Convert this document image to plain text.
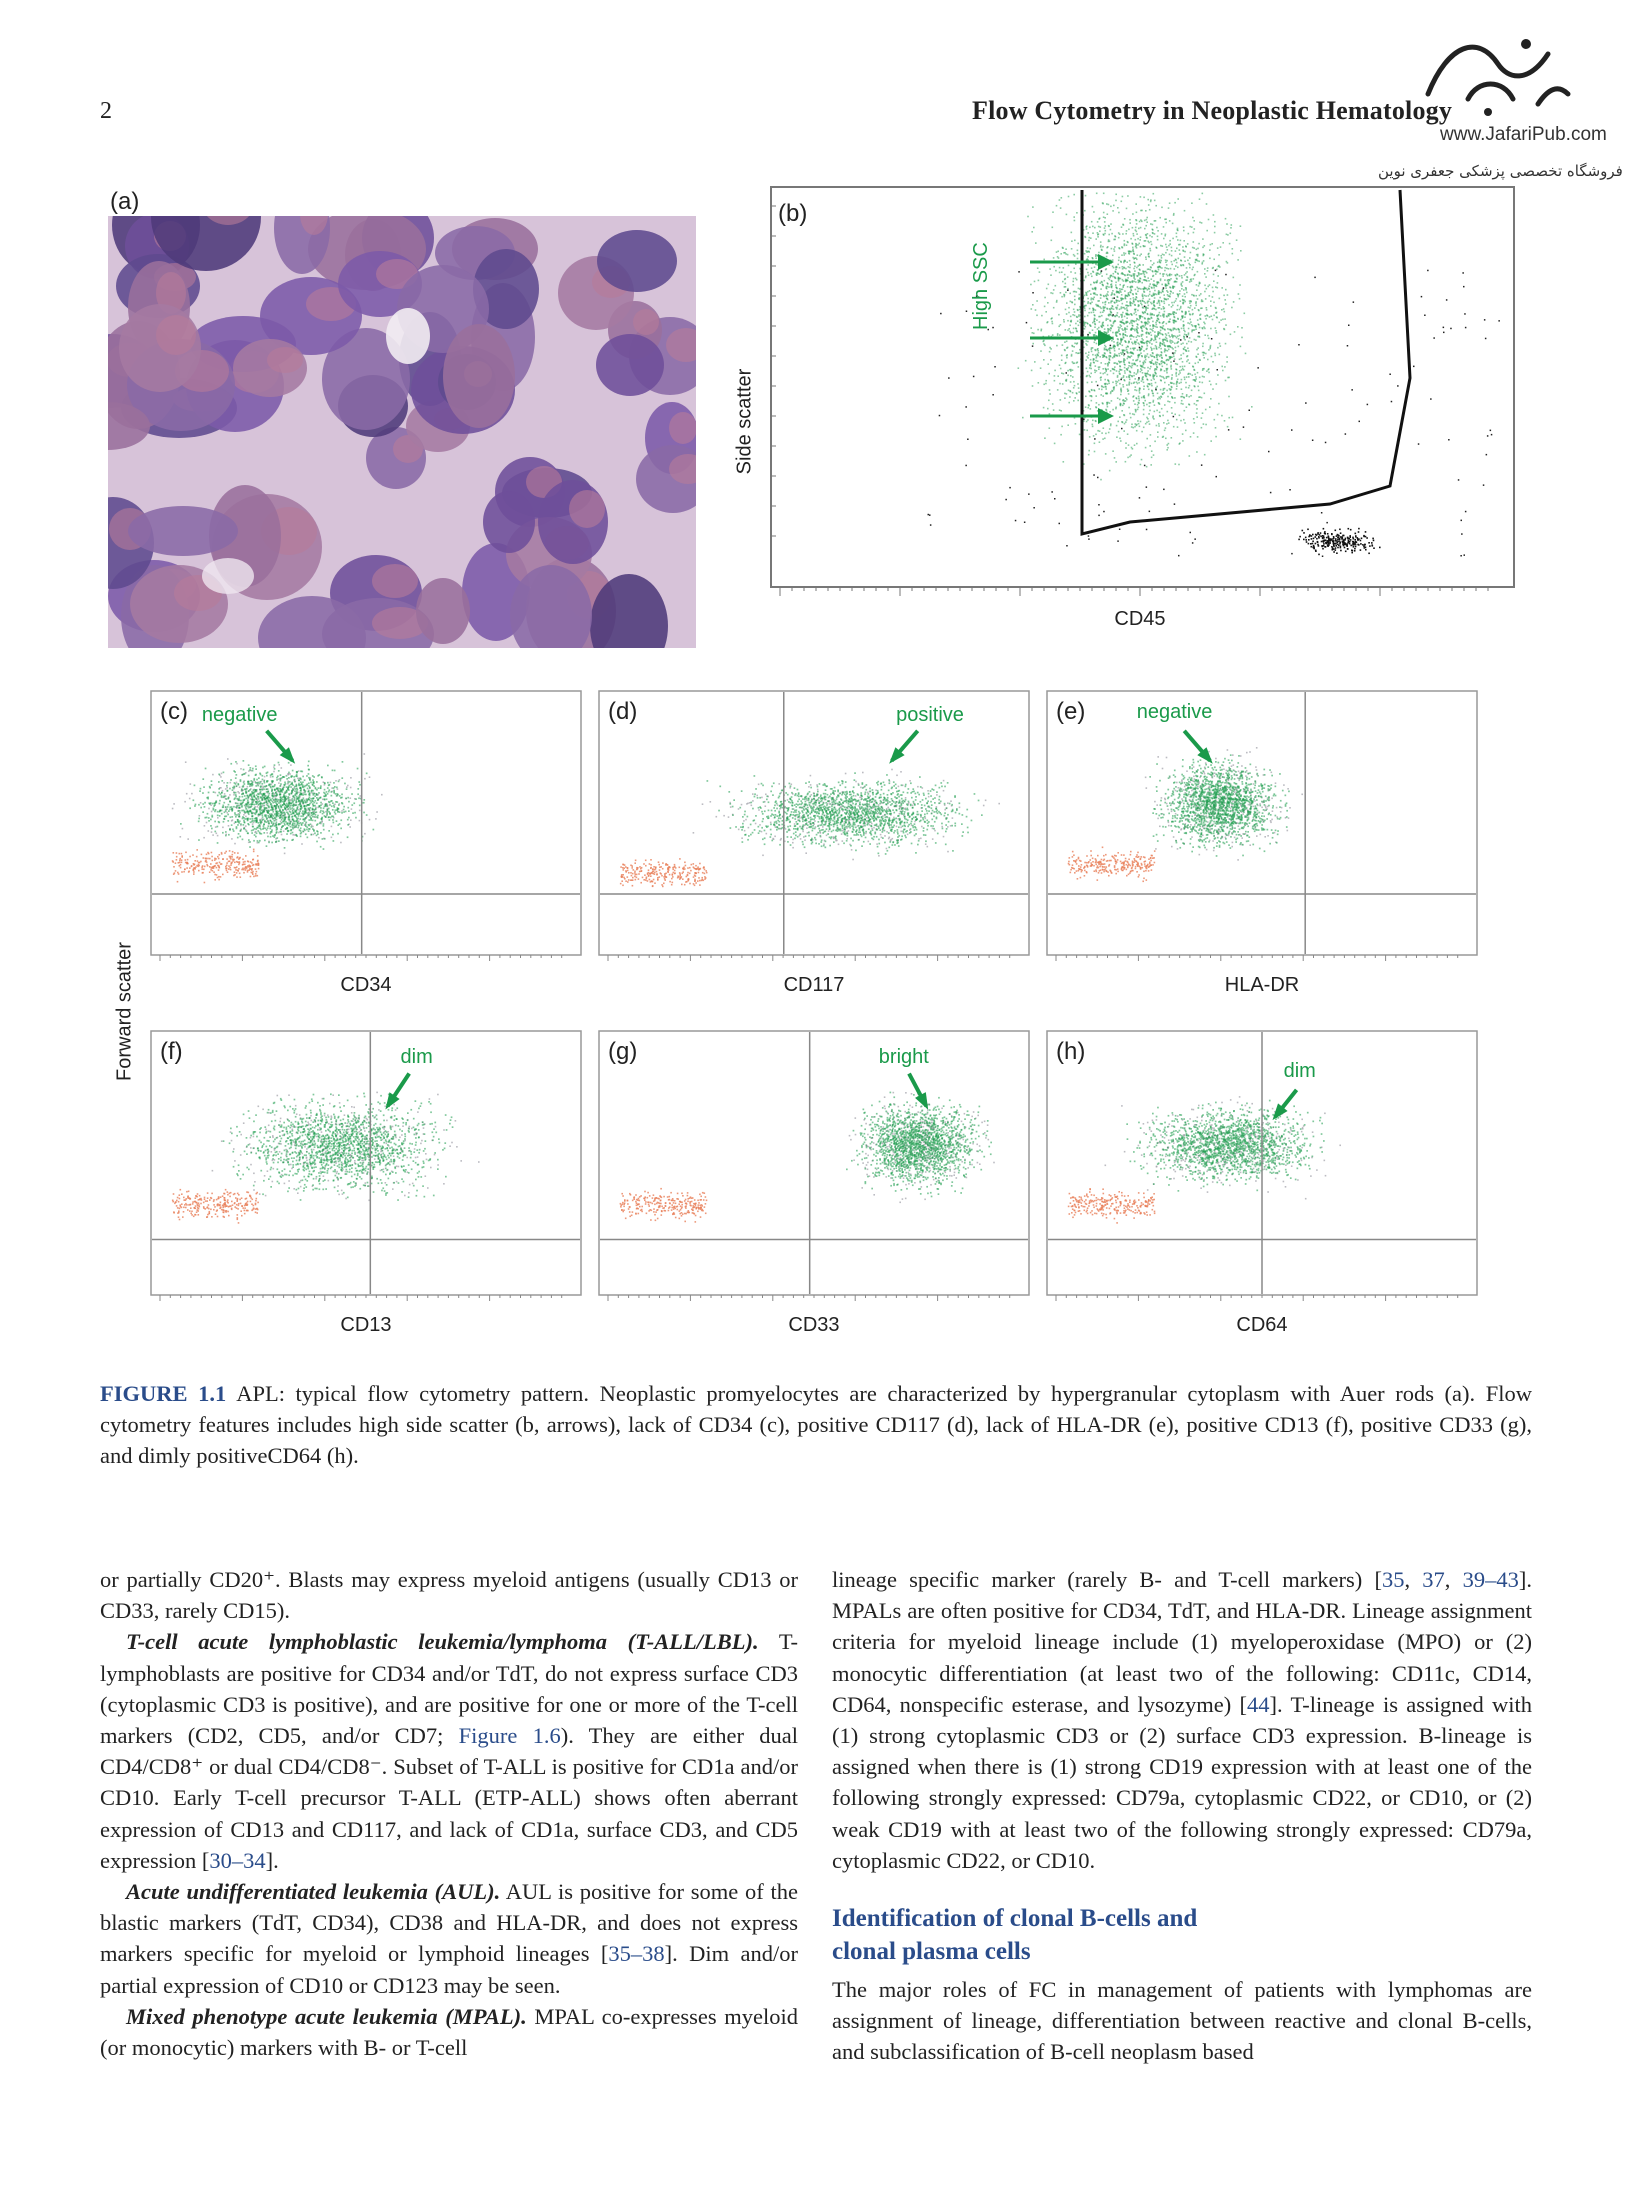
2	Flow Cytometry in Neoplastic Hematology
www.JafariPub.com
فروشگاه تخصصی پزشکی جعفری نوین
(a)	(b)
Side scatter
High SSC
CD45
Forward scatter
(c) negative
CD34
(d)	positive
CD117
(e)	negative
HLA-DR
(f)	dim
CD13
(g)	bright
CD33
(h)
dim
CD64
FIGURE 1.1 APL: typical flow cytometry pattern. Neoplastic promyelocytes are characterized by hypergranular cytoplasm with Auer rods (a). Flow cytometry features includes high side scatter (b, arrows), lack of CD34 (c), positive CD117 (d), lack of HLA-DR (e), positive CD13 (f), positive CD33 (g), and dimly positiveCD64 (h).

or partially CD20⁺. Blasts may express myeloid antigens (usually CD13 or CD33, rarely CD15).

T-cell acute lymphoblastic leukemia/lymphoma (T-ALL/LBL). T-lymphoblasts are positive for CD34 and/or TdT, do not express surface CD3 (cytoplasmic CD3 is positive), and are positive for one or more of the T-cell markers (CD2, CD5, and/or CD7; Figure 1.6). They are either dual CD4/CD8⁺ or dual CD4/CD8⁻. Subset of T-ALL is positive for CD1a and/or CD10. Early T-cell precursor T-ALL (ETP-ALL) shows often aberrant expression of CD13 and CD117, and lack of CD1a, surface CD3, and CD5 expression [30–34].

Acute undifferentiated leukemia (AUL). AUL is positive for some of the blastic markers (TdT, CD34), CD38 and HLA-DR, and does not express markers specific for myeloid or lymphoid lineages [35–38]. Dim and/or partial expression of CD10 or CD123 may be seen.

Mixed phenotype acute leukemia (MPAL). MPAL co-expresses myeloid (or monocytic) markers with B- or T-cell

lineage specific marker (rarely B- and T-cell markers) [35, 37, 39–43]. MPALs are often positive for CD34, TdT, and HLA-DR. Lineage assignment criteria for myeloid lineage include (1) myeloperoxidase (MPO) or (2) monocytic differentiation (at least two of the following: CD11c, CD14, CD64, nonspecific esterase, and lysozyme) [44]. T-lineage is assigned with (1) strong cytoplasmic CD3 or (2) surface CD3 expression. B-lineage is assigned when there is (1) strong CD19 expression with at least one of the following strongly expressed: CD79a, cytoplasmic CD22, or CD10, or (2) weak CD19 with at least two of the following strongly expressed: CD79a, cytoplasmic CD22, or CD10.

Identification of clonal B-cells and clonal plasma cells

The major roles of FC in management of patients with lymphomas are assignment of lineage, differentiation between reactive and clonal B-cells, and subclassification of B-cell neoplasm based
